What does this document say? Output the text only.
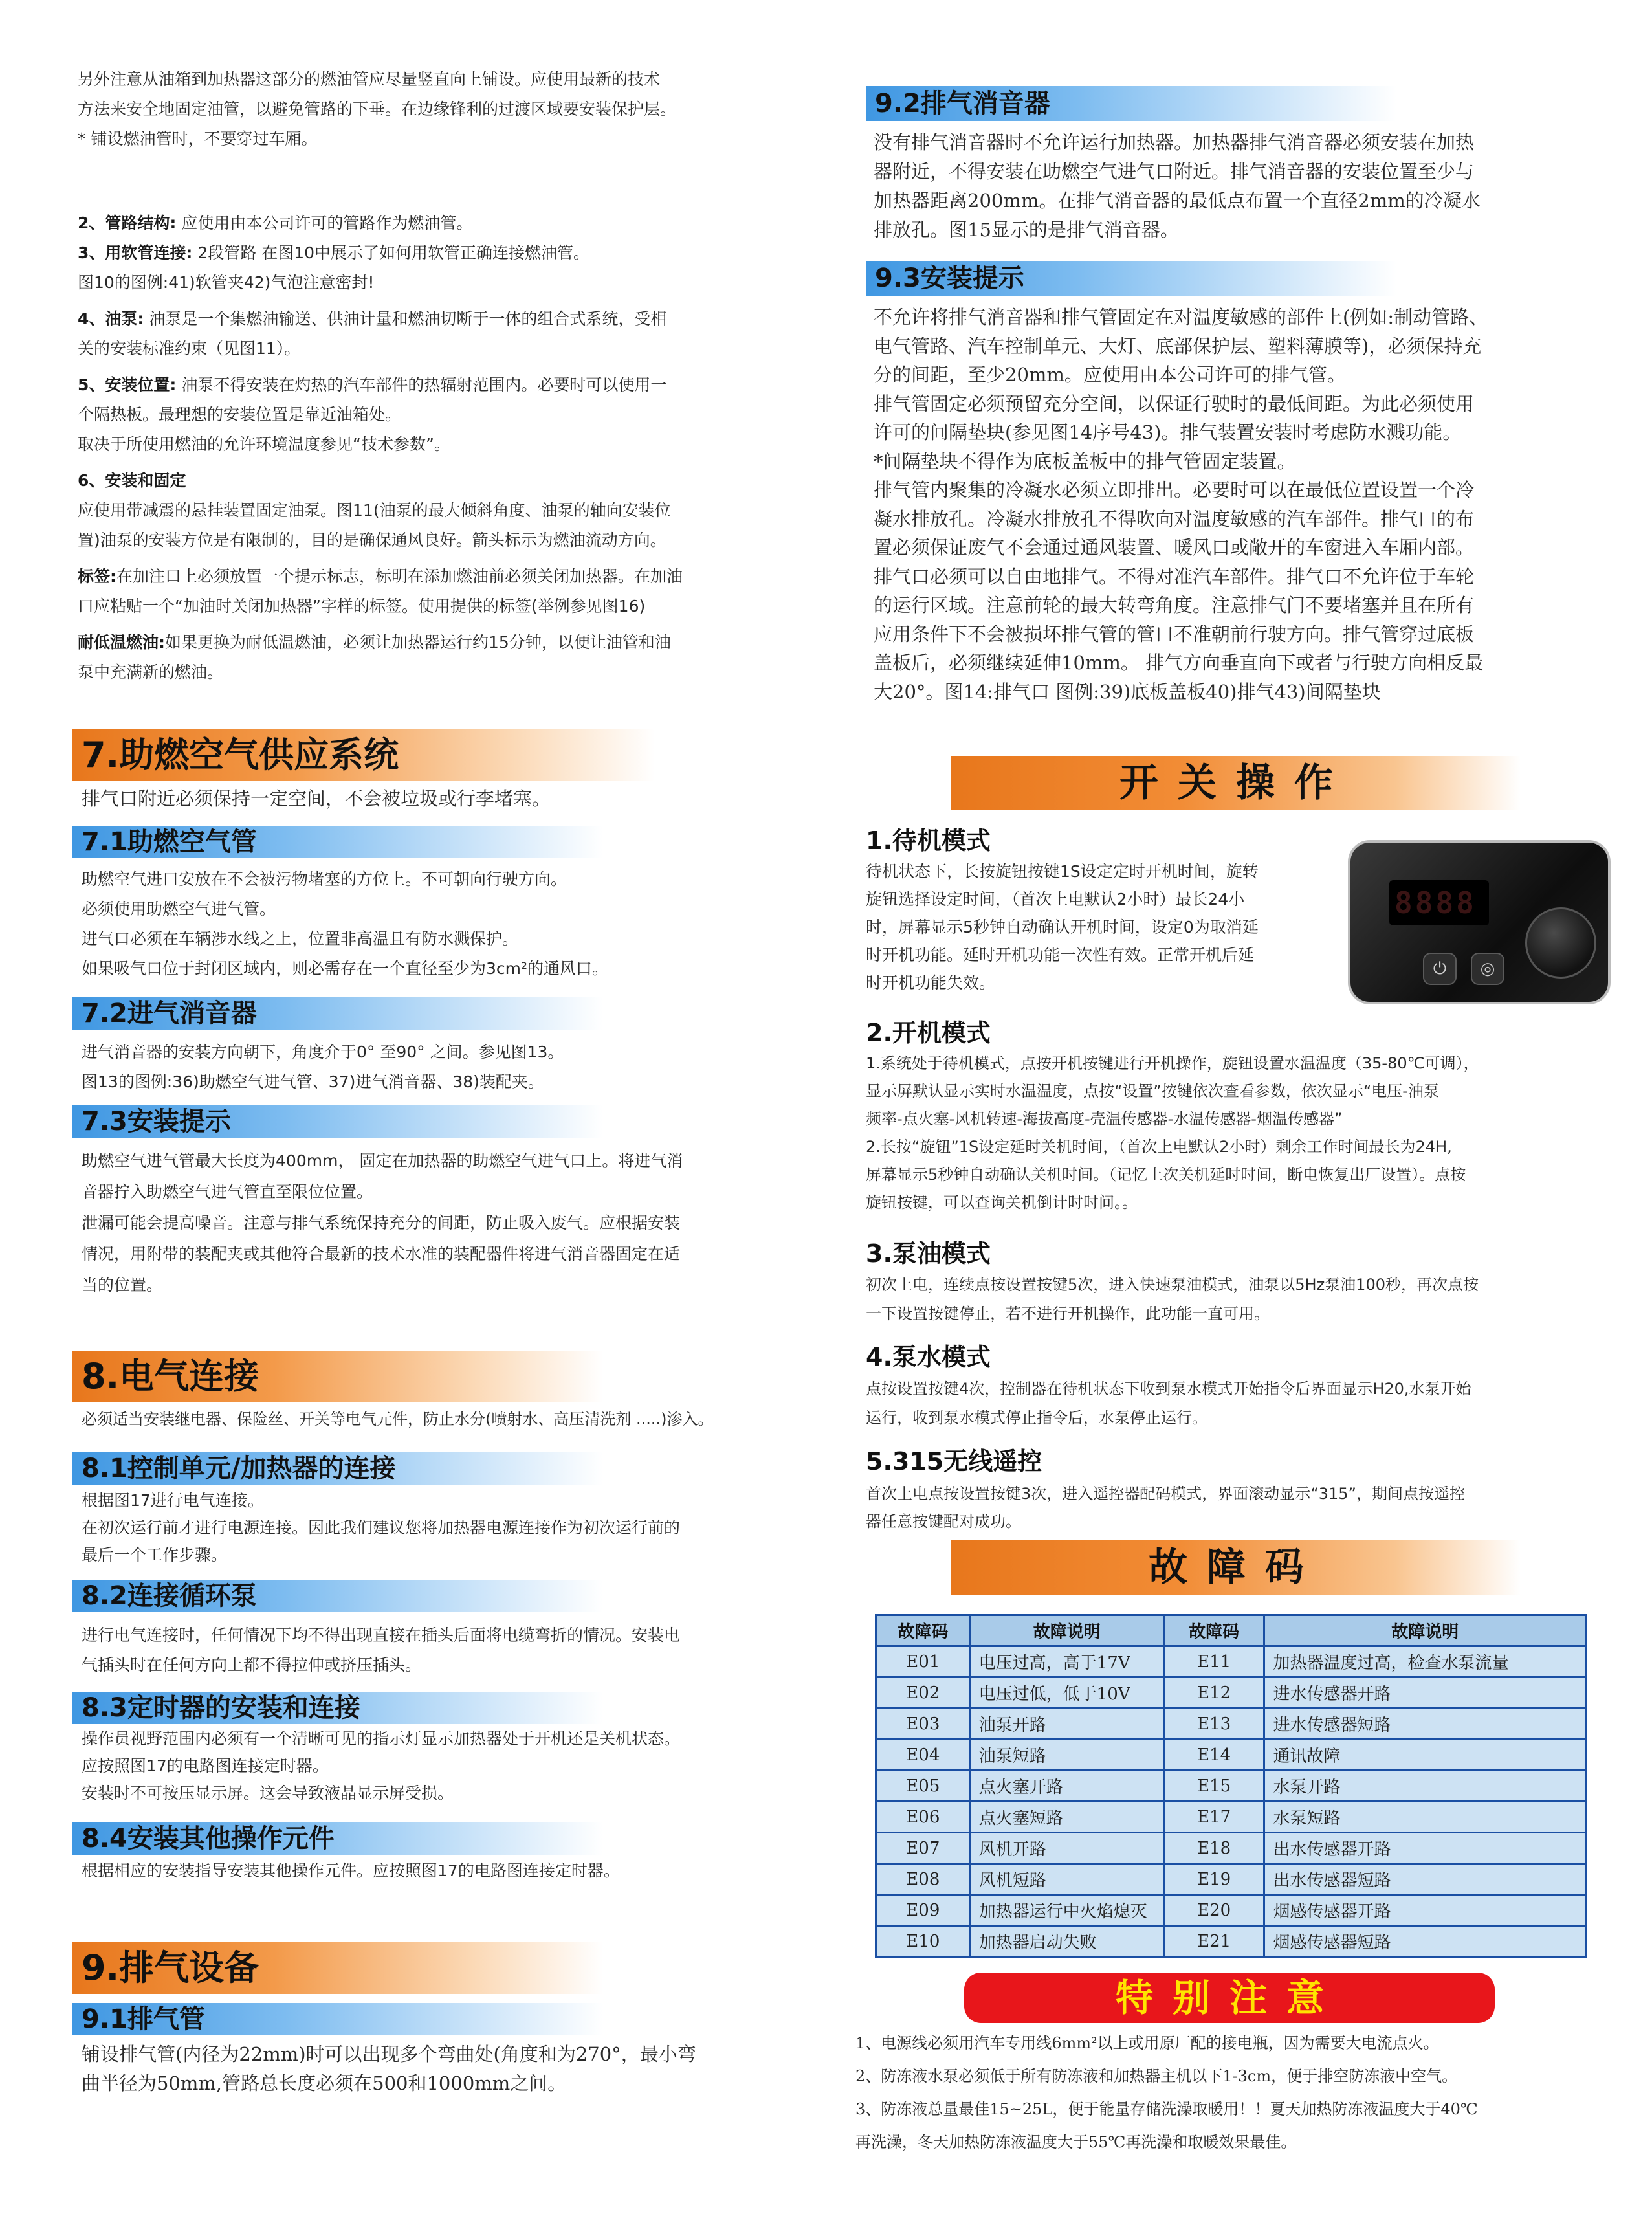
另外注意从油箱到加热器这部分的燃油管应尽量竖直向上铺设。应使用最新的技术
方法来安全地固定油管，以避免管路的下垂。在边缘锋利的过渡区域要安装保护层。
* 铺设燃油管时，不要穿过车厢。
2、管路结构: 应使用由本公司许可的管路作为燃油管。
3、用软管连接: 2段管路 在图10中展示了如何用软管正确连接燃油管。
图10的图例:41)软管夹42)气泡注意密封!
4、油泵: 油泵是一个集燃油输送、供油计量和燃油切断于一体的组合式系统，受相
关的安装标准约束（见图11）。
5、安装位置: 油泵不得安装在灼热的汽车部件的热辐射范围内。必要时可以使用一
个隔热板。最理想的安装位置是靠近油箱处。
取决于所使用燃油的允许环境温度参见“技术参数”。
6、安装和固定
应使用带减震的悬挂装置固定油泵。图11(油泵的最大倾斜角度、油泵的轴向安装位
置)油泵的安装方位是有限制的，目的是确保通风良好。箭头标示为燃油流动方向。
标签:在加注口上必须放置一个提示标志，标明在添加燃油前必须关闭加热器。在加油
口应粘贴一个“加油时关闭加热器”字样的标签。使用提供的标签(举例参见图16)
耐低温燃油:如果更换为耐低温燃油，必须让加热器运行约15分钟，以便让油管和油
泵中充满新的燃油。
7.助燃空气供应系统
排气口附近必须保持一定空间，不会被垃圾或行李堵塞。
7.1助燃空气管
助燃空气进口安放在不会被污物堵塞的方位上。不可朝向行驶方向。
必须使用助燃空气进气管。
进气口必须在车辆涉水线之上，位置非高温且有防水溅保护。
如果吸气口位于封闭区域内，则必需存在一个直径至少为3cm²的通风口。
7.2进气消音器
进气消音器的安装方向朝下，角度介于0° 至90° 之间。参见图13。
图13的图例:36)助燃空气进气管、37)进气消音器、38)装配夹。
7.3安装提示
助燃空气进气管最大长度为400mm， 固定在加热器的助燃空气进气口上。将进气消
音器拧入助燃空气进气管直至限位位置。
泄漏可能会提高噪音。注意与排气系统保持充分的间距，防止吸入废气。应根据安装
情况，用附带的装配夹或其他符合最新的技术水准的装配器件将进气消音器固定在适
当的位置。
8.电气连接
必须适当安装继电器、保险丝、开关等电气元件，防止水分(喷射水、高压清洗剂 .....)渗入。
8.1控制单元/加热器的连接
根据图17进行电气连接。
在初次运行前才进行电源连接。因此我们建议您将加热器电源连接作为初次运行前的
最后一个工作步骤。
8.2连接循环泵
进行电气连接时，任何情况下均不得出现直接在插头后面将电缆弯折的情况。安装电
气插头时在任何方向上都不得拉伸或挤压插头。
8.3定时器的安装和连接
操作员视野范围内必须有一个清晰可见的指示灯显示加热器处于开机还是关机状态。
应按照图17的电路图连接定时器。
安装时不可按压显示屏。这会导致液晶显示屏受损。
8.4安装其他操作元件
根据相应的安装指导安装其他操作元件。应按照图17的电路图连接定时器。
9.排气设备
9.1排气管
铺设排气管(内径为22mm)时可以出现多个弯曲处(角度和为270°，最小弯
曲半径为50mm,管路总长度必须在500和1000mm之间。
9.2排气消音器
没有排气消音器时不允许运行加热器。加热器排气消音器必须安装在加热
器附近，不得安装在助燃空气进气口附近。排气消音器的安装位置至少与
加热器距离200mm。在排气消音器的最低点布置一个直径2mm的冷凝水
排放孔。图15显示的是排气消音器。
9.3安装提示
不允许将排气消音器和排气管固定在对温度敏感的部件上(例如:制动管路、
电气管路、汽车控制单元、大灯、底部保护层、塑料薄膜等)，必须保持充
分的间距，至少20mm。应使用由本公司许可的排气管。
排气管固定必须预留充分空间，以保证行驶时的最低间距。为此必须使用
许可的间隔垫块(参见图14序号43)。排气装置安装时考虑防水溅功能。
*间隔垫块不得作为底板盖板中的排气管固定装置。
排气管内聚集的冷凝水必须立即排出。必要时可以在最低位置设置一个冷
凝水排放孔。冷凝水排放孔不得吹向对温度敏感的汽车部件。排气口的布
置必须保证废气不会通过通风装置、暖风口或敞开的车窗进入车厢内部。
排气口必须可以自由地排气。不得对准汽车部件。排气口不允许位于车轮
的运行区域。注意前轮的最大转弯角度。注意排气门不要堵塞并且在所有
应用条件下不会被损坏排气管的管口不准朝前行驶方向。排气管穿过底板
盖板后，必须继续延伸10mm。 排气方向垂直向下或者与行驶方向相反最
大20°。图14:排气口 图例:39)底板盖板40)排气43)间隔垫块
开关操作
1.待机模式
待机状态下，长按旋钮按键1S设定定时开机时间，旋转
旋钮选择设定时间，（首次上电默认2小时）最长24小
时，屏幕显示5秒钟自动确认开机时间，设定0为取消延
时开机功能。延时开机功能一次性有效。正常开机后延
时开机功能失效。
2.开机模式
1.系统处于待机模式，点按开机按键进行开机操作，旋钮设置水温温度（35-80℃可调），
显示屏默认显示实时水温温度，点按“设置”按键依次查看参数，依次显示“电压-油泵
频率-点火塞-风机转速-海拔高度-壳温传感器-水温传感器-烟温传感器”
2.长按“旋钮”1S设定延时关机时间，（首次上电默认2小时）剩余工作时间最长为24H,
屏幕显示5秒钟自动确认关机时间。（记忆上次关机延时时间，断电恢复出厂设置）。点按
旋钮按键，可以查询关机倒计时时间。。
3.泵油模式
初次上电，连续点按设置按键5次，进入快速泵油模式，油泵以5Hz泵油100秒，再次点按
一下设置按键停止，若不进行开机操作，此功能一直可用。
4.泵水模式
点按设置按键4次，控制器在待机状态下收到泵水模式开始指令后界面显示H20,水泵开始
运行，收到泵水模式停止指令后，水泵停止运行。
5.315无线遥控
首次上电点按设置按键3次，进入遥控器配码模式，界面滚动显示“315”，期间点按遥控
器任意按键配对成功。
故障码
故障码	故障说明	故障码	故障说明
E01	电压过高，高于17V	E11	加热器温度过高，检查水泵流量
E02	电压过低，低于10V	E12	进水传感器开路
E03	油泵开路	E13	进水传感器短路
E04	油泵短路	E14	通讯故障
E05	点火塞开路	E15	水泵开路
E06	点火塞短路	E17	水泵短路
E07	风机开路	E18	出水传感器开路
E08	风机短路	E19	出水传感器短路
E09	加热器运行中火焰熄灭	E20	烟感传感器开路
E10	加热器启动失败	E21	烟感传感器短路
特别注意
1、电源线必须用汽车专用线6mm²以上或用原厂配的接电瓶，因为需要大电流点火。
2、防冻液水泵必须低于所有防冻液和加热器主机以下1-3cm，便于排空防冻液中空气。
3、防冻液总量最佳15~25L，便于能量存储洗澡取暖用！！夏天加热防冻液温度大于40℃
再洗澡，冬天加热防冻液温度大于55℃再洗澡和取暖效果最佳。
8888
⏻	◎
